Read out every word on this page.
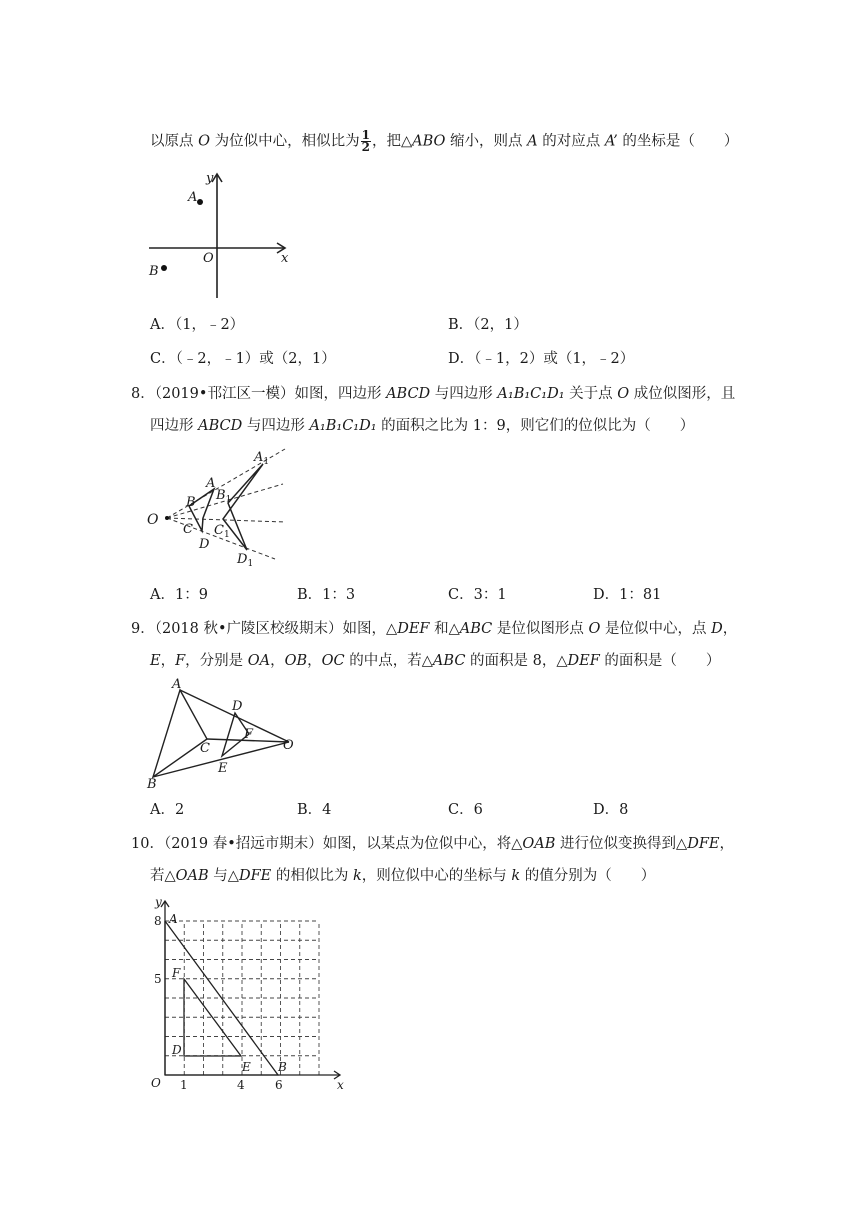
以原点 O 为位似中心，相似比为 $\frac{1}{2}$ ，把△ABO 缩小，则点 A 的对应点 A’ 的坐标是（　　）
y
x
A
B
O
A．（1，﹣2）	B．（2，1）
C．（﹣2，﹣1）或（2，1）	D．（﹣1，2）或（1，﹣2）
8．（2019•邗江区一模）如图，四边形 ABCD 与四边形 A₁B₁C₁D₁ 关于点 O 成位似图形，且
四边形 ABCD 与四边形 A₁B₁C₁D₁ 的面积之比为 1：9，则它们的位似比为（　　）
O
A
B
C
D
$A_1$
$B_1$
$C_1$
$D_1$
A．1：9	B．1：3	C．3：1	D．1：81
9．（2018 秋•广陵区校级期末）如图，△DEF 和△ABC 是位似图形点 O 是位似中心，点 D，
E，F，分别是 OA，OB，OC 的中点，若△ABC 的面积是 8，△DEF 的面积是（　　）
A
B
C
D
E
F
O
A．2	B．4	C．6	D．8
10．（2019 春•招远市期末）如图，以某点为位似中心，将△OAB 进行位似变换得到△DFE，
若△OAB 与△DFE 的相似比为 k，则位似中心的坐标与 k 的值分别为（　　）
y
x
A
B
F
D
E
O
8
5
1	4	6
